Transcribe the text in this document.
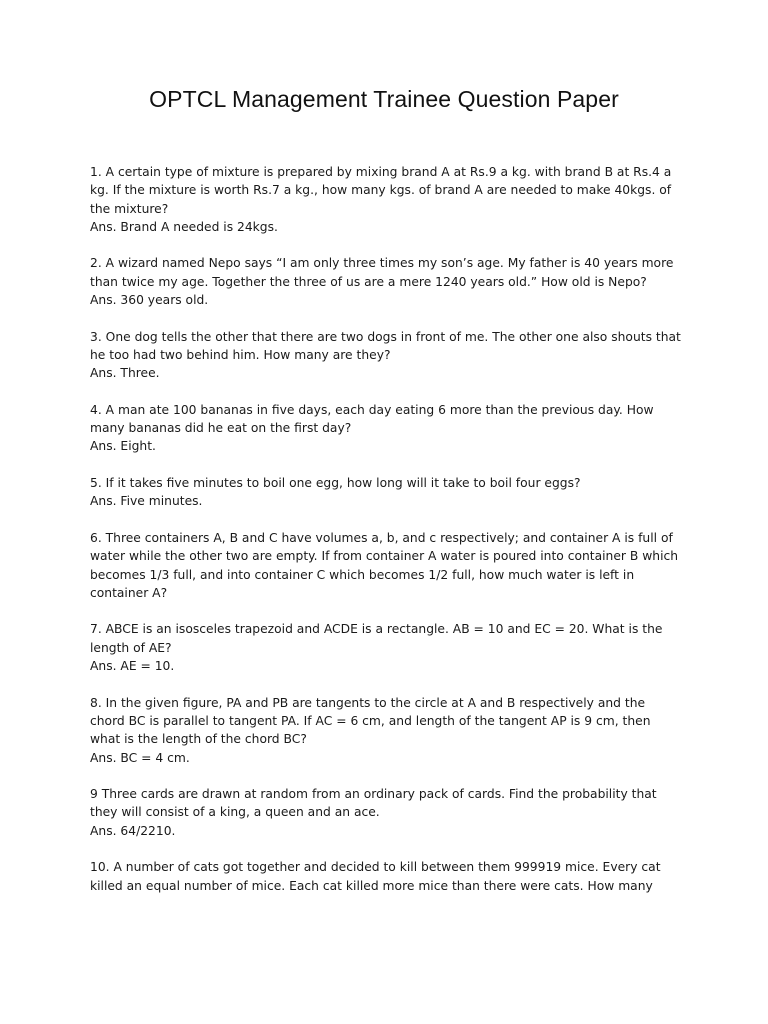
OPTCL Management Trainee Question Paper
1. A certain type of mixture is prepared by mixing brand A at Rs.9 a kg. with brand B at Rs.4 a kg. If the mixture is worth Rs.7 a kg., how many kgs. of brand A are needed to make 40kgs. of the mixture?
Ans. Brand A needed is 24kgs.
2. A wizard named Nepo says “I am only three times my son’s age. My father is 40 years more than twice my age. Together the three of us are a mere 1240 years old.” How old is Nepo?
Ans. 360 years old.
3. One dog tells the other that there are two dogs in front of me. The other one also shouts that he too had two behind him. How many are they?
Ans. Three.
4. A man ate 100 bananas in five days, each day eating 6 more than the previous day. How many bananas did he eat on the first day?
Ans. Eight.
5. If it takes five minutes to boil one egg, how long will it take to boil four eggs?
Ans. Five minutes.
6. Three containers A, B and C have volumes a, b, and c respectively; and container A is full of water while the other two are empty. If from container A water is poured into container B which becomes 1/3 full, and into container C which becomes 1/2 full, how much water is left in container A?
7. ABCE is an isosceles trapezoid and ACDE is a rectangle. AB = 10 and EC = 20. What is the length of AE?
Ans. AE = 10.
8. In the given figure, PA and PB are tangents to the circle at A and B respectively and the chord BC is parallel to tangent PA. If AC = 6 cm, and length of the tangent AP is 9 cm, then what is the length of the chord BC?
Ans. BC = 4 cm.
9 Three cards are drawn at random from an ordinary pack of cards. Find the probability that they will consist of a king, a queen and an ace.
Ans. 64/2210.
10. A number of cats got together and decided to kill between them 999919 mice. Every cat killed an equal number of mice. Each cat killed more mice than there were cats. How many
